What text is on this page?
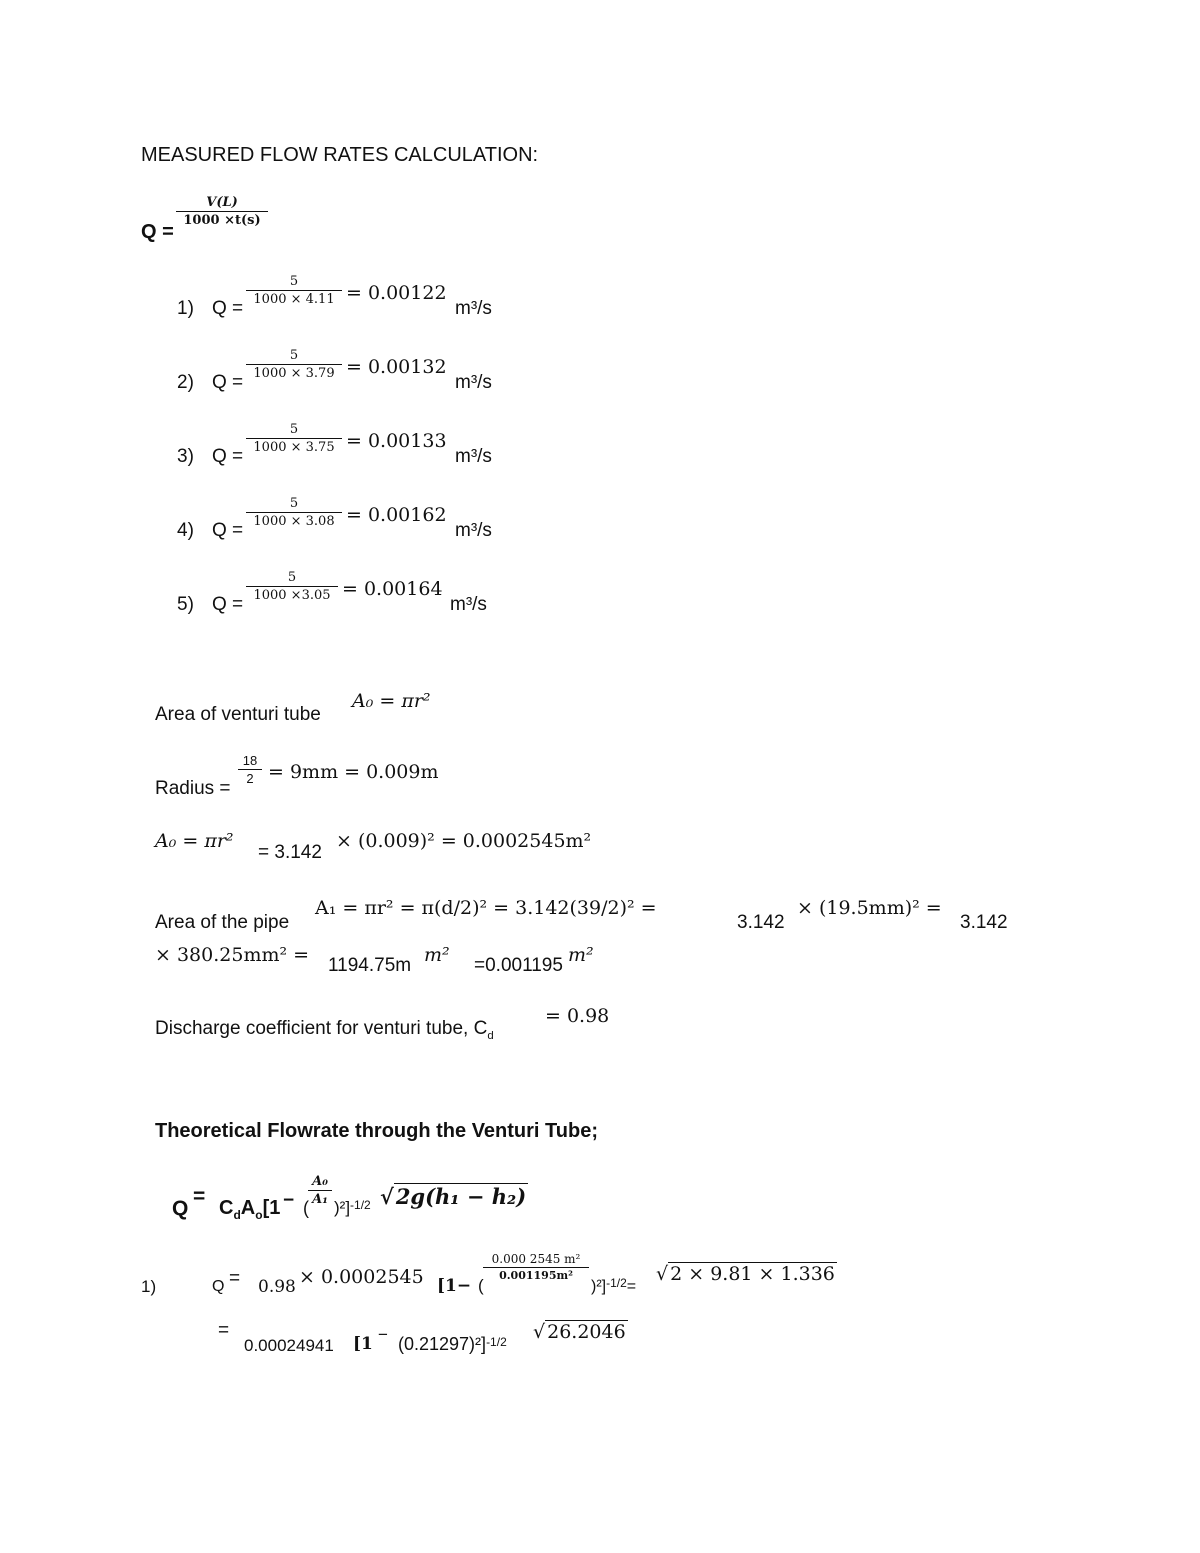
MEASURED FLOW RATES CALCULATION:
Q =
$\frac{V(L)}{1000 \times t(s)}$
1) Q =
$\frac{5}{1000 \times 4.11} = 0.00122$
m³/s
2) Q =
$\frac{5}{1000 \times 3.79} = 0.00132$
m³/s
3) Q =
$\frac{5}{1000 \times 3.75} = 0.00133$
m³/s
4) Q =
$\frac{5}{1000 \times 3.08} = 0.00162$
m³/s
5) Q =
$\frac{5}{1000 \times 3.05} = 0.00164$
m³/s
Area of venturi tube
A₀ = πr²
Radius =
$\frac{18}{2} = 9mm = 0.009m$
A₀ = πr²
= 3.142
× (0.009)² = 0.0002545m²
Area of the pipe
A₁ = πr² = π(d/2)² = 3.142(39/2)² =
3.142
× (19.5mm)² =
3.142
× 380.25mm² = 1194.75m m² =0.001195 m²
Discharge coefficient for venturi tube, $C_d$
= 0.98
Theoretical Flowrate through the Venturi Tube;
Q
= $C_dA_o[1$ − (
$\frac{\text{A₀}}{\text{A₁}}$
)²]$^{-1/2}$ √2g(h₁ − h₂)
1)	Q = 0.98 × 0.0002545 [1− (
$\frac{\text{0.000 2545 m²}}{\text{0.001195m²}}$
)²]$^{-1/2}$=
√ 2 × 9.81 × 1.336
=
0.00024941 $[1 - (0.21297)^2]^{-1/2}$ √ 26.2046
